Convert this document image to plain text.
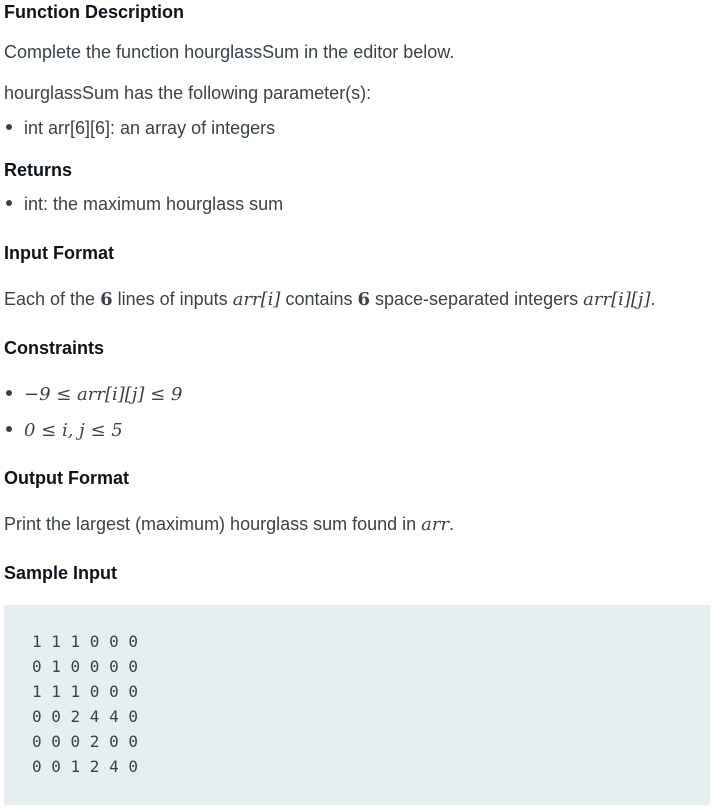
Function Description

Complete the function hourglassSum in the editor below.

hourglassSum has the following parameter(s):

int arr[6][6]: an array of integers
Returns
int: the maximum hourglass sum
Input Format

Each of the 6 lines of inputs arr[i] contains 6 space-separated integers arr[i][j].

Constraints
−9 ≤ arr[i][j] ≤ 9
0 ≤ i, j ≤ 5
Output Format

Print the largest (maximum) hourglass sum found in arr.

Sample Input
1 1 1 0 0 0
0 1 0 0 0 0
1 1 1 0 0 0
0 0 2 4 4 0
0 0 0 2 0 0
0 0 1 2 4 0
